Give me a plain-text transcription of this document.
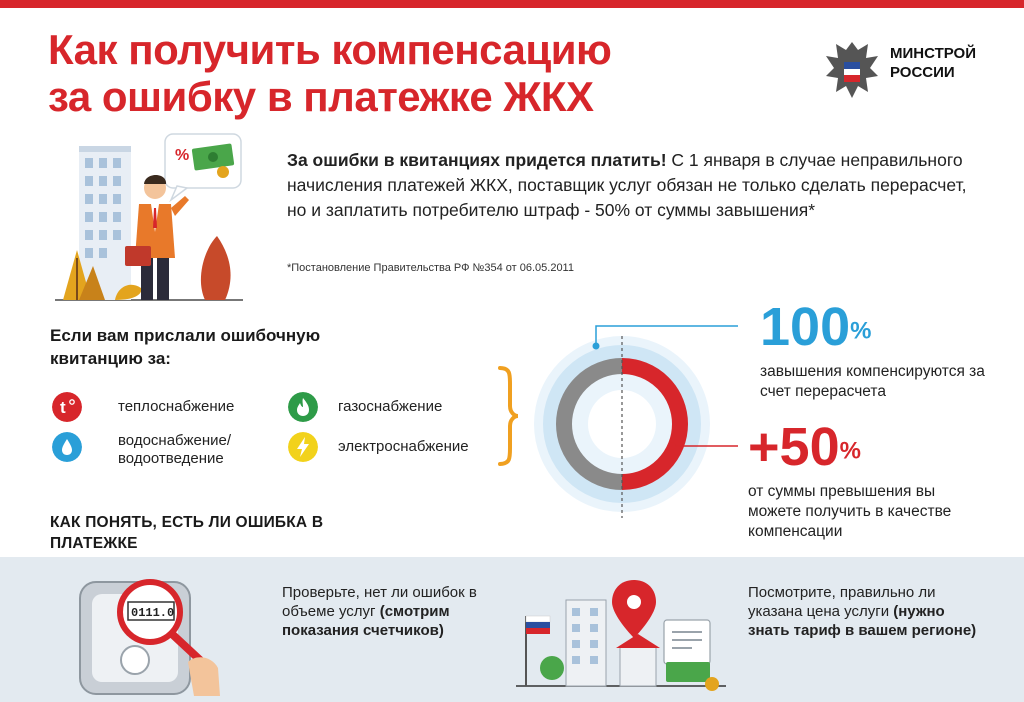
Как получить компенсацию
за ошибку в платежке ЖКХ
МИНСТРОЙ
РОССИИ
%	За ошибки в квитанциях придется платить! С 1 января в случае неправильного начисления платежей ЖКХ, поставщик услуг обязан не только сделать перерасчет, но и заплатить потребителю штраф - 50% от суммы завышения*
*Постановление Правительства РФ №354 от 06.05.2011
Если вам прислали ошибочную квитанцию за:
t	теплоснабжение	газоснабжение
водоснабжение/ водоотведение
электроснабжение
100%
завышения компенсируются за счет перерасчета
+50%
от суммы превышения вы можете получить в качестве компенсации
КАК ПОНЯТЬ, ЕСТЬ ЛИ ОШИБКА В ПЛАТЕЖКЕ
0111.0
Проверьте, нет ли ошибок в объеме услуг (смотрим показания счетчиков)
Посмотрите, правильно ли указана цена услуги (нужно знать тариф в вашем регионе)
